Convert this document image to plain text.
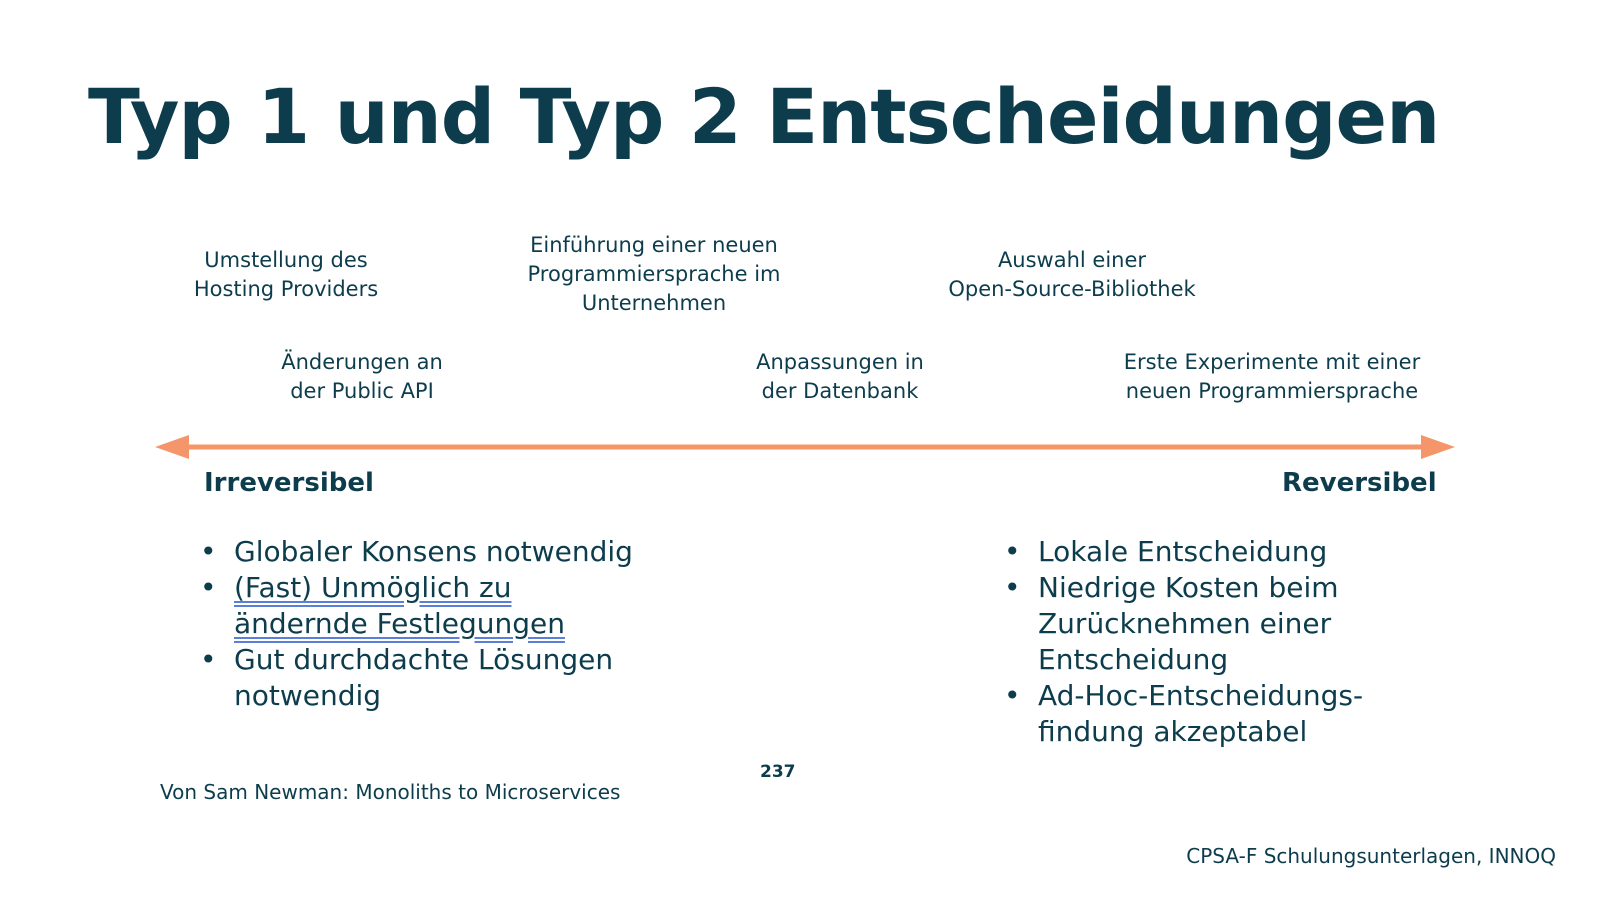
Typ 1 und Typ 2 Entscheidungen
Umstellung des
Hosting Providers
Einführung einer neuen
Programmiersprache im
Unternehmen
Auswahl einer
Open-Source-Bibliothek
Änderungen an
der Public API
Anpassungen in
der Datenbank
Erste Experimente mit einer
neuen Programmiersprache
Irreversibel	Reversibel
• Globaler Konsens notwendig
• (Fast) Unmöglich zu
ändernde Festlegungen
• Gut durchdachte Lösungen notwendig
• Lokale Entscheidung
• Niedrige Kosten beim Zurücknehmen einer Entscheidung
• Ad-Hoc-Entscheidungs-findung akzeptabel
237
Von Sam Newman: Monoliths to Microservices
CPSA-F Schulungsunterlagen, INNOQ
